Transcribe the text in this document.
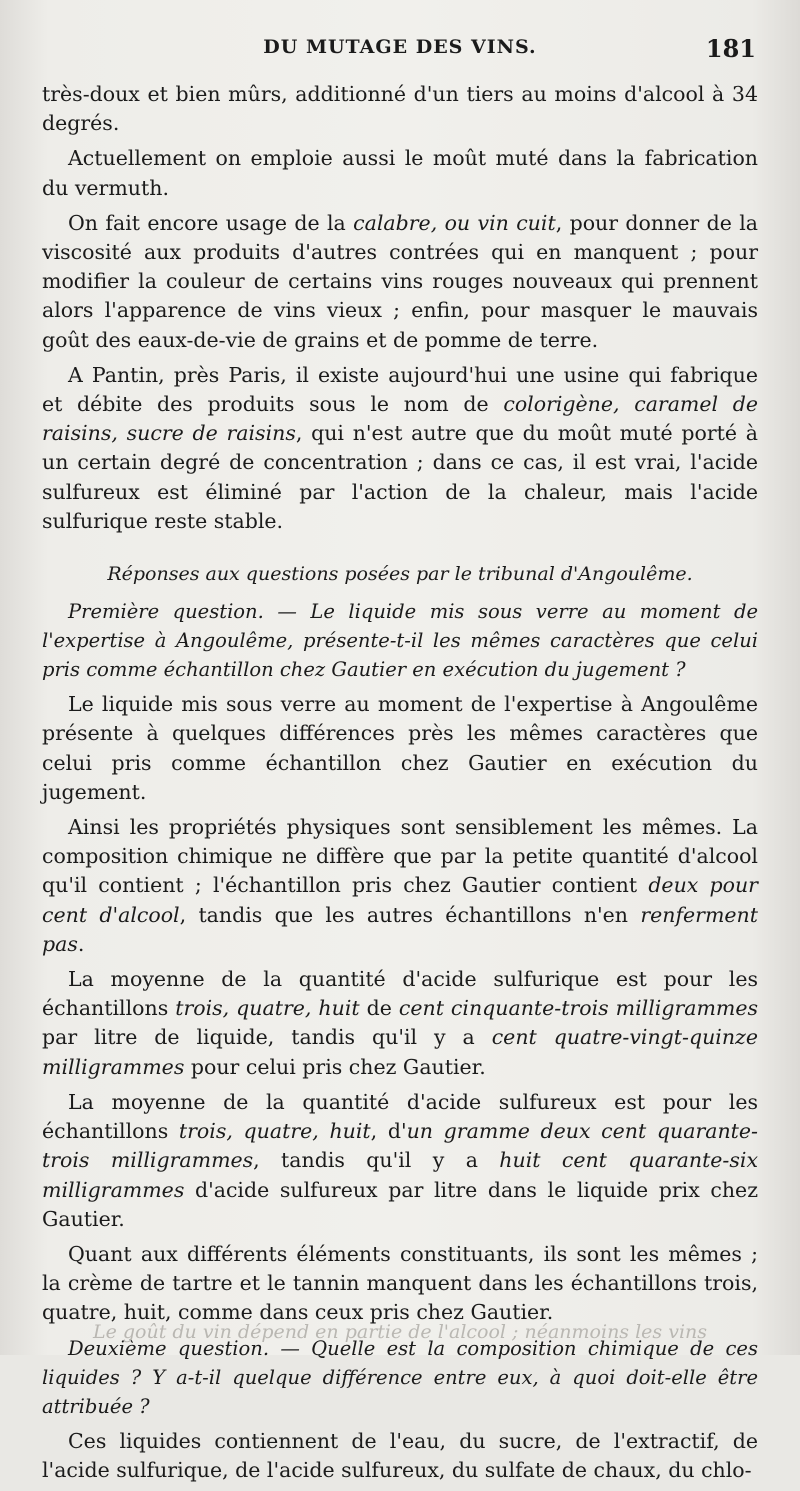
DU MUTAGE DES VINS.	181

très-doux et bien mûrs, additionné d'un tiers au moins d'alcool à 34 degrés.

Actuellement on emploie aussi le moût muté dans la fabrication du vermuth.

On fait encore usage de la calabre, ou vin cuit, pour donner de la viscosité aux produits d'autres contrées qui en manquent ; pour modifier la couleur de certains vins rouges nouveaux qui prennent alors l'apparence de vins vieux ; enfin, pour masquer le mauvais goût des eaux-de-vie de grains et de pomme de terre.

A Pantin, près Paris, il existe aujourd'hui une usine qui fabrique et débite des produits sous le nom de colorigène, caramel de raisins, sucre de raisins, qui n'est autre que du moût muté porté à un certain degré de concentration ; dans ce cas, il est vrai, l'acide sulfureux est éliminé par l'action de la chaleur, mais l'acide sulfurique reste stable.

Réponses aux questions posées par le tribunal d'Angoulême.

Première question. — Le liquide mis sous verre au moment de l'expertise à Angoulême, présente-t-il les mêmes caractères que celui pris comme échantillon chez Gautier en exécution du jugement ?

Le liquide mis sous verre au moment de l'expertise à Angoulême présente à quelques différences près les mêmes caractères que celui pris comme échantillon chez Gautier en exécution du jugement.

Ainsi les propriétés physiques sont sensiblement les mêmes. La composition chimique ne diffère que par la petite quantité d'alcool qu'il contient ; l'échantillon pris chez Gautier contient deux pour cent d'alcool, tandis que les autres échantillons n'en renferment pas.

La moyenne de la quantité d'acide sulfurique est pour les échantillons trois, quatre, huit de cent cinquante-trois milligrammes par litre de liquide, tandis qu'il y a cent quatre-vingt-quinze milligrammes pour celui pris chez Gautier.

La moyenne de la quantité d'acide sulfureux est pour les échantillons trois, quatre, huit, d'un gramme deux cent quarante-trois milligrammes, tandis qu'il y a huit cent quarante-six milligrammes d'acide sulfureux par litre dans le liquide prix chez Gautier.

Quant aux différents éléments constituants, ils sont les mêmes ; la crème de tartre et le tannin manquent dans les échantillons trois, quatre, huit, comme dans ceux pris chez Gautier.

Deuxième question. — Quelle est la composition chimique de ces liquides ? Y a-t-il quelque différence entre eux, à quoi doit-elle être attribuée ?

Ces liquides contiennent de l'eau, du sucre, de l'extractif, de l'acide sulfurique, de l'acide sulfureux, du sulfate de chaux, du chlo-

Le goût du vin dépend en partie de l'alcool ; néanmoins les vins
